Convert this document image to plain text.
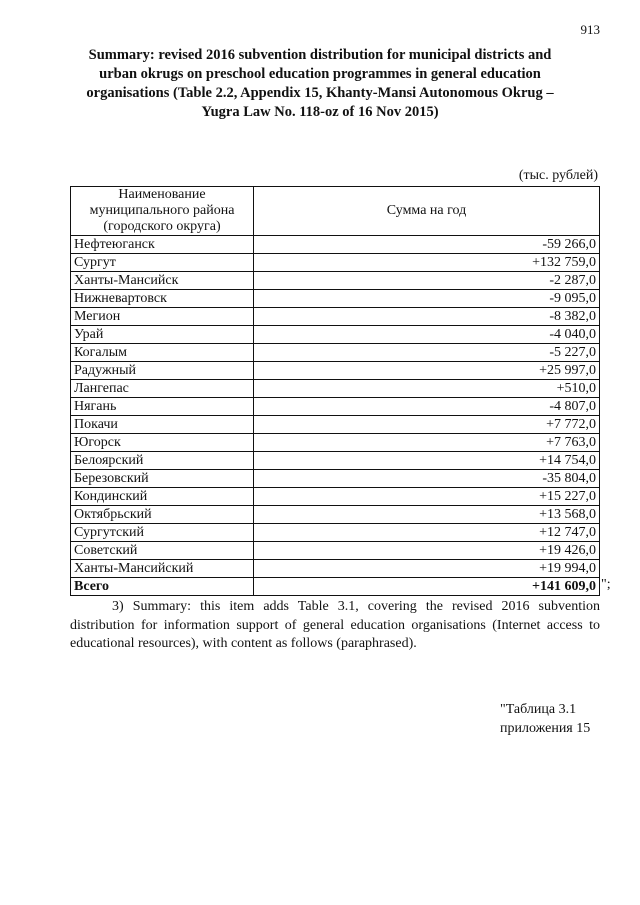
913
Summary: revised 2016 subvention distribution for municipal districts and urban okrugs on preschool education programmes in general education organisations (Table 2.2, Appendix 15, Khanty-Mansi Autonomous Okrug – Yugra Law No. 118-oz of 16 Nov 2015)
(тыс. рублей)
Наименование муниципального района (городского округа)	Сумма на год
Нефтеюганск	-59 266,0
Сургут	+132 759,0
Ханты-Мансийск	-2 287,0
Нижневартовск	-9 095,0
Мегион	-8 382,0
Урай	-4 040,0
Когалым	-5 227,0
Радужный	+25 997,0
Лангепас	+510,0
Нягань	-4 807,0
Покачи	+7 772,0
Югорск	+7 763,0
Белоярский	+14 754,0
Березовский	-35 804,0
Кондинский	+15 227,0
Октябрьский	+13 568,0
Сургутский	+12 747,0
Советский	+19 426,0
Ханты-Мансийский	+19 994,0
Всего	+141 609,0 ";
3) Summary: this item adds Table 3.1, covering the revised 2016 subvention distribution for information support of general education organisations (Internet access to educational resources), with content as follows (paraphrased).
"Таблица 3.1
приложения 15
